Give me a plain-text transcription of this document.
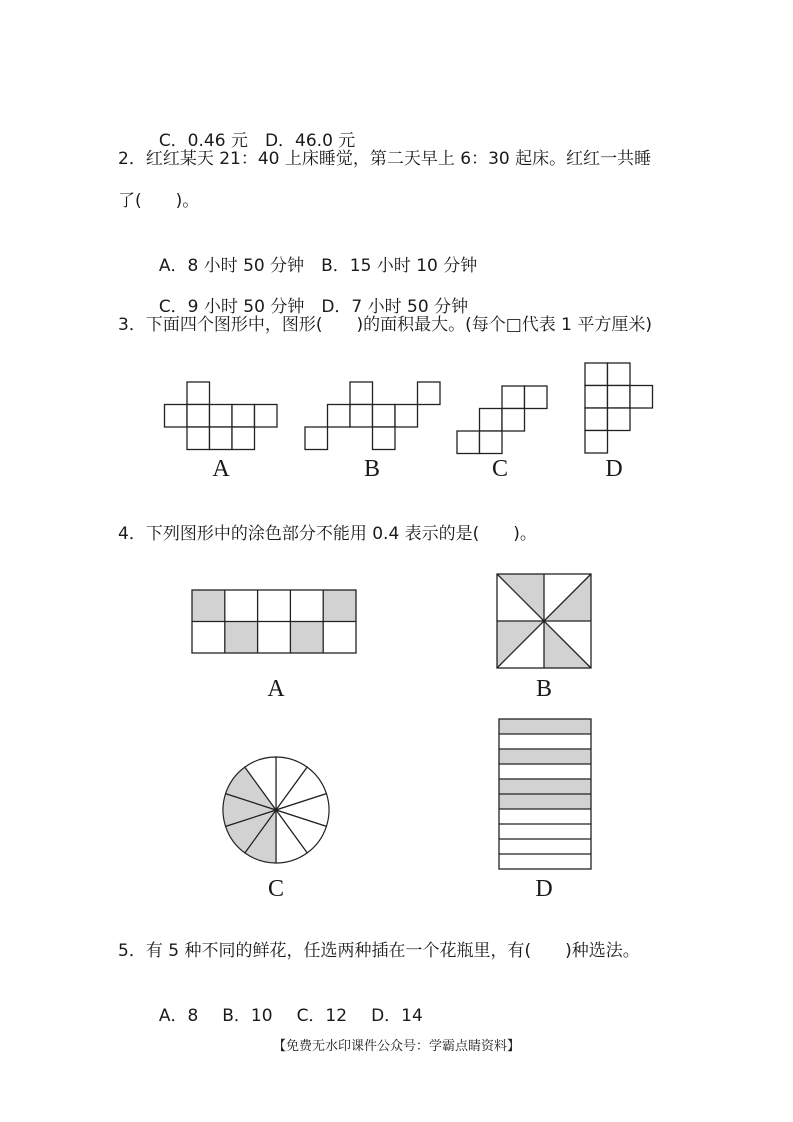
C．0.46 元　 D．46.0 元

2．红红某天 21：40 上床睡觉，第二天早上 6：30 起床。红红一共睡
了(　　)。

A．8 小时 50 分钟　 B．15 小时 10 分钟

C．9 小时 50 分钟　 D．7 小时 50 分钟

3．下面四个图形中，图形(　　)的面积最大。(每个□代表 1 平方厘米)
A	B	C	D
4．下列图形中的涂色部分不能用 0.4 表示的是(　　)。
A	B
C	D
5．有 5 种不同的鲜花，任选两种插在一个花瓶里，有(　　)种选法。

A．8 B．10 C．12 D．14

【免费无水印课件公众号：学霸点睛资料】
